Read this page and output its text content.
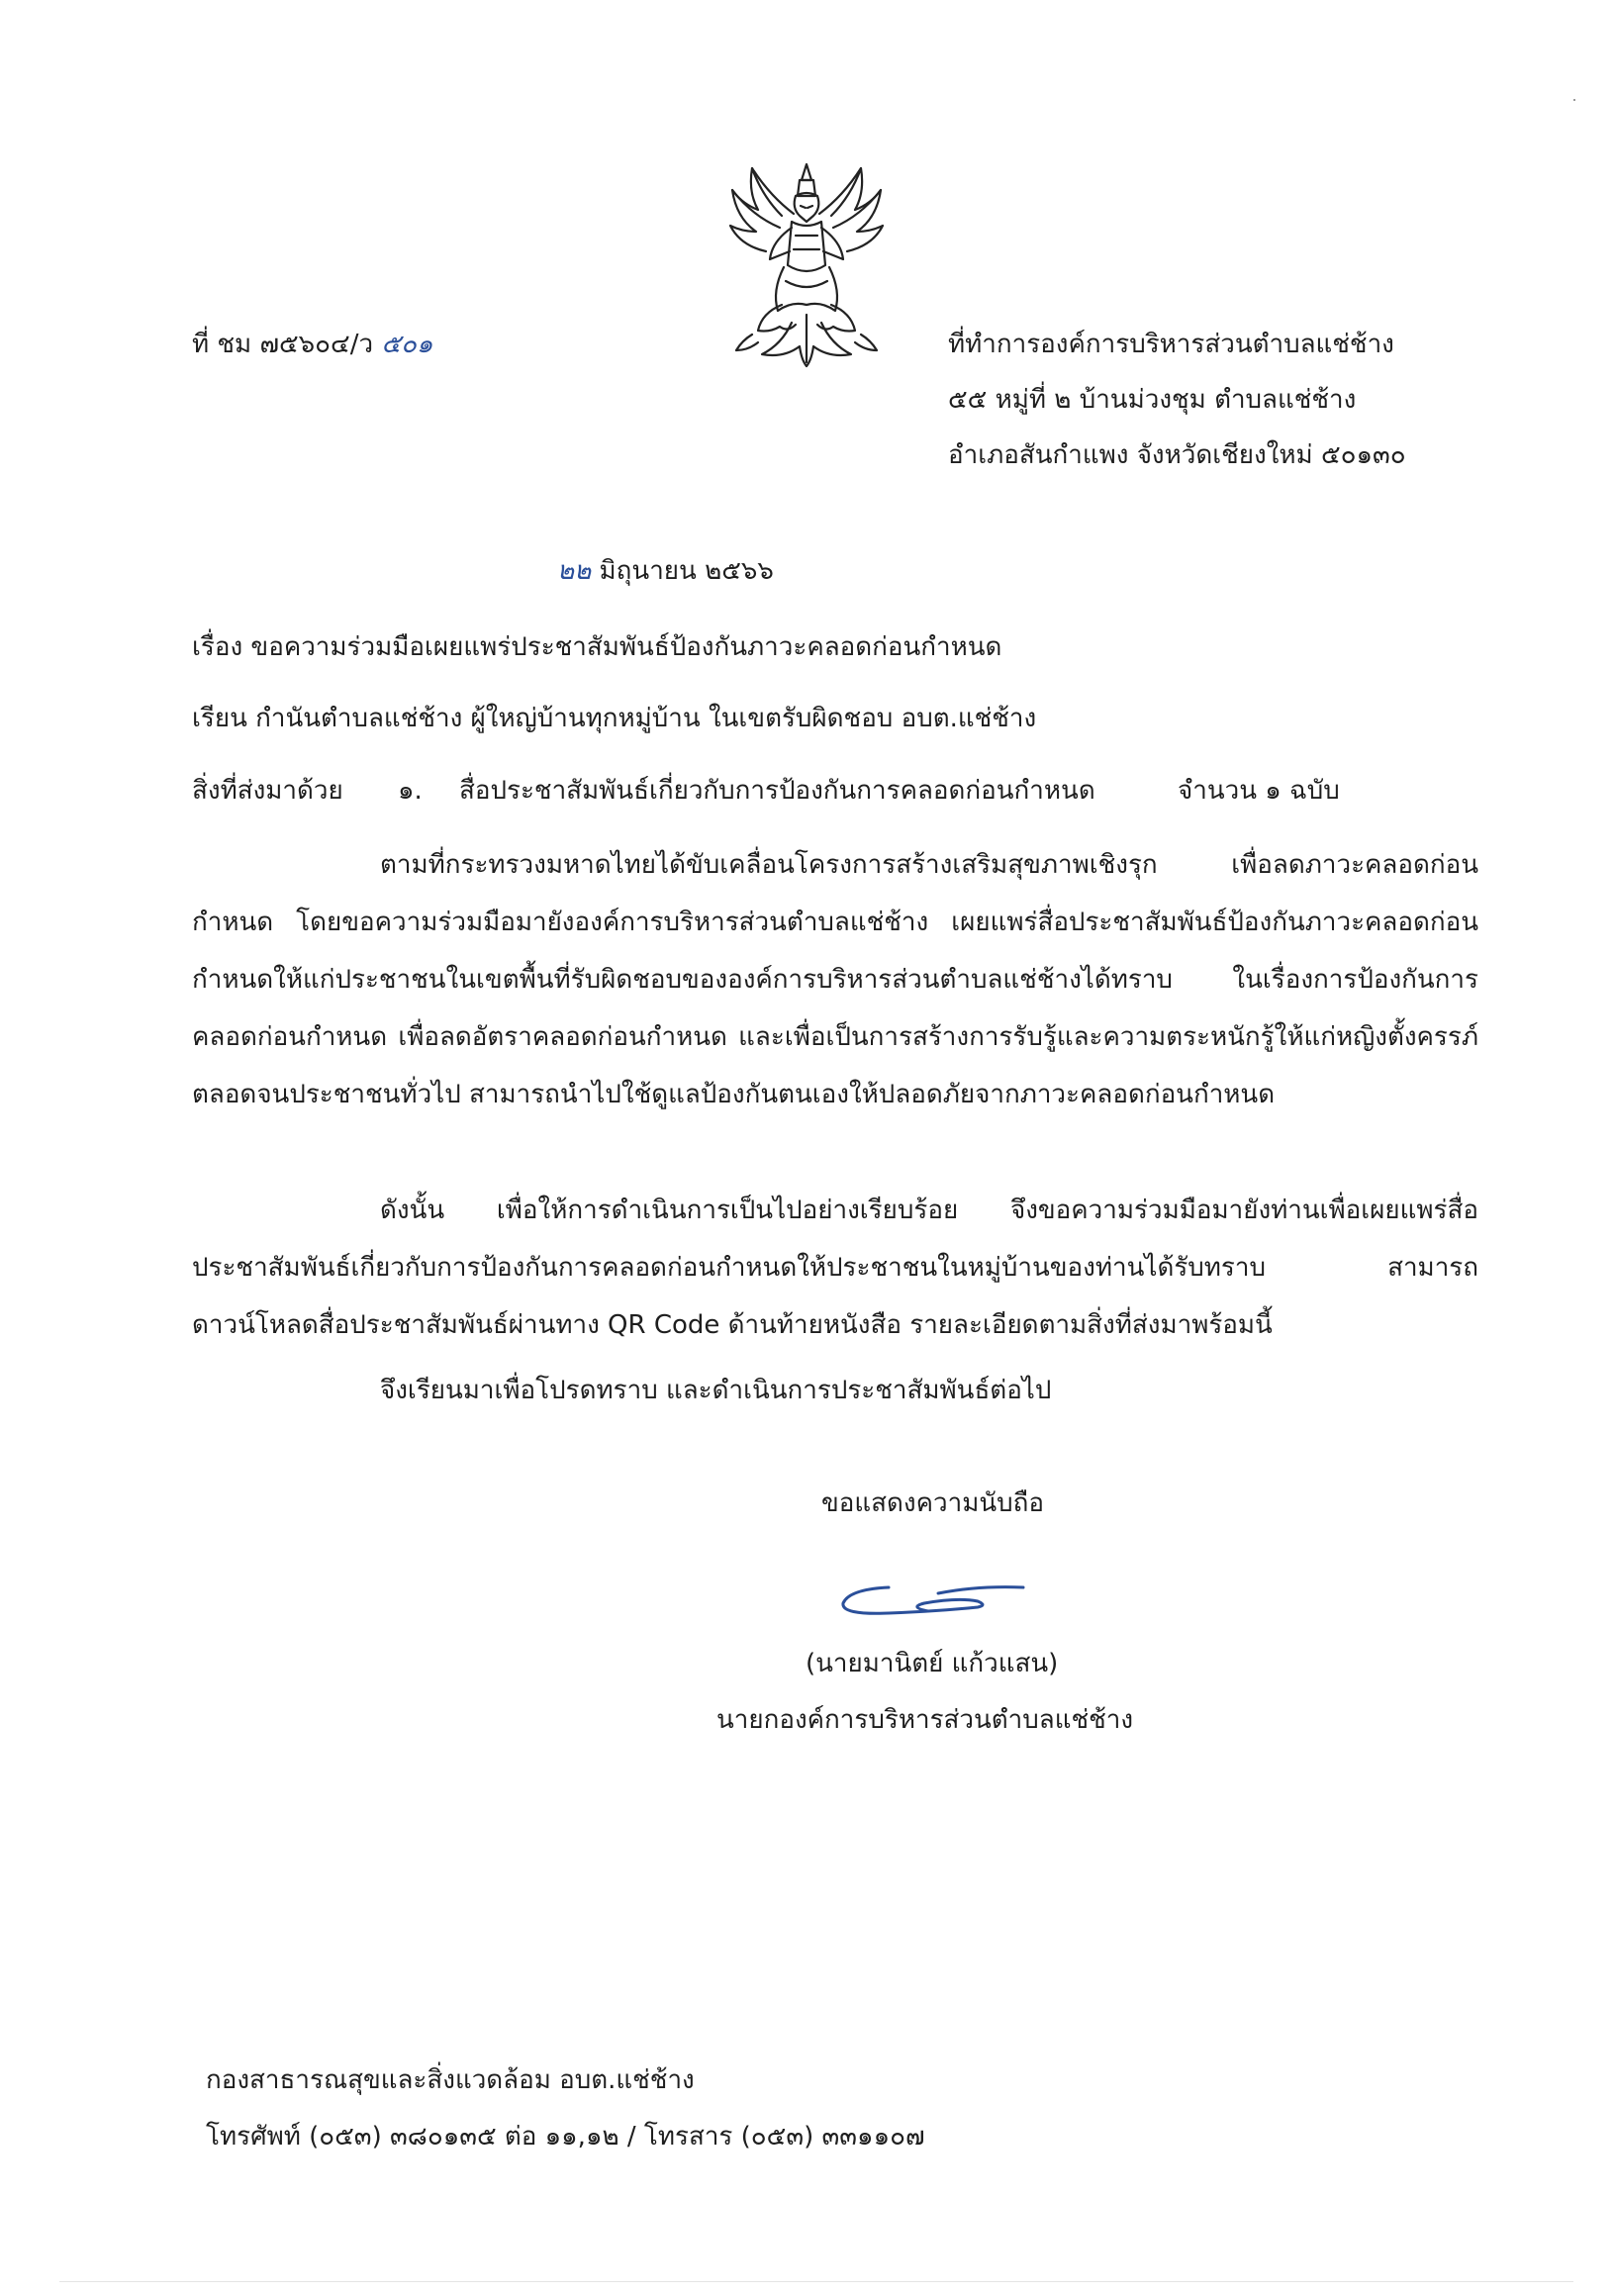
ที่ ชม ๗๕๖๐๔/ว ๕๐๑	ที่ทำการองค์การบริหารส่วนตำบลแช่ช้าง
๕๕ หมู่ที่ ๒ บ้านม่วงชุม ตำบลแช่ช้าง
อำเภอสันกำแพง จังหวัดเชียงใหม่ ๕๐๑๓๐
๒๒ มิถุนายน ๒๕๖๖
เรื่อง ขอความร่วมมือเผยแพร่ประชาสัมพันธ์ป้องกันภาวะคลอดก่อนกำหนด
เรียน กำนันตำบลแช่ช้าง ผู้ใหญ่บ้านทุกหมู่บ้าน ในเขตรับผิดชอบ อบต.แช่ช้าง
สิ่งที่ส่งมาด้วย ๑. สื่อประชาสัมพันธ์เกี่ยวกับการป้องกันการคลอดก่อนกำหนด	จำนวน ๑ ฉบับ
ตามที่กระทรวงมหาดไทยได้ขับเคลื่อนโครงการสร้างเสริมสุขภาพเชิงรุก เพื่อลดภาวะคลอดก่อนกำหนด โดยขอความร่วมมือมายังองค์การบริหารส่วนตำบลแช่ช้าง เผยแพร่สื่อประชาสัมพันธ์ป้องกันภาวะคลอดก่อนกำหนดให้แก่ประชาชนในเขตพื้นที่รับผิดชอบขององค์การบริหารส่วนตำบลแช่ช้างได้ทราบ ในเรื่องการป้องกันการคลอดก่อนกำหนด เพื่อลดอัตราคลอดก่อนกำหนด และเพื่อเป็นการสร้างการรับรู้และความตระหนักรู้ให้แก่หญิงตั้งครรภ์ตลอดจนประชาชนทั่วไป สามารถนำไปใช้ดูแลป้องกันตนเองให้ปลอดภัยจากภาวะคลอดก่อนกำหนด
ดังนั้น เพื่อให้การดำเนินการเป็นไปอย่างเรียบร้อย จึงขอความร่วมมือมายังท่านเพื่อเผยแพร่สื่อประชาสัมพันธ์เกี่ยวกับการป้องกันการคลอดก่อนกำหนดให้ประชาชนในหมู่บ้านของท่านได้รับทราบ สามารถดาวน์โหลดสื่อประชาสัมพันธ์ผ่านทาง QR Code ด้านท้ายหนังสือ รายละเอียดตามสิ่งที่ส่งมาพร้อมนี้
จึงเรียนมาเพื่อโปรดทราบ และดำเนินการประชาสัมพันธ์ต่อไป
ขอแสดงความนับถือ
(นายมานิตย์ แก้วแสน)
นายกองค์การบริหารส่วนตำบลแช่ช้าง
กองสาธารณสุขและสิ่งแวดล้อม อบต.แช่ช้าง
โทรศัพท์ (๐๕๓) ๓๘๐๑๓๕ ต่อ ๑๑,๑๒ / โทรสาร (๐๕๓) ๓๓๑๑๐๗
